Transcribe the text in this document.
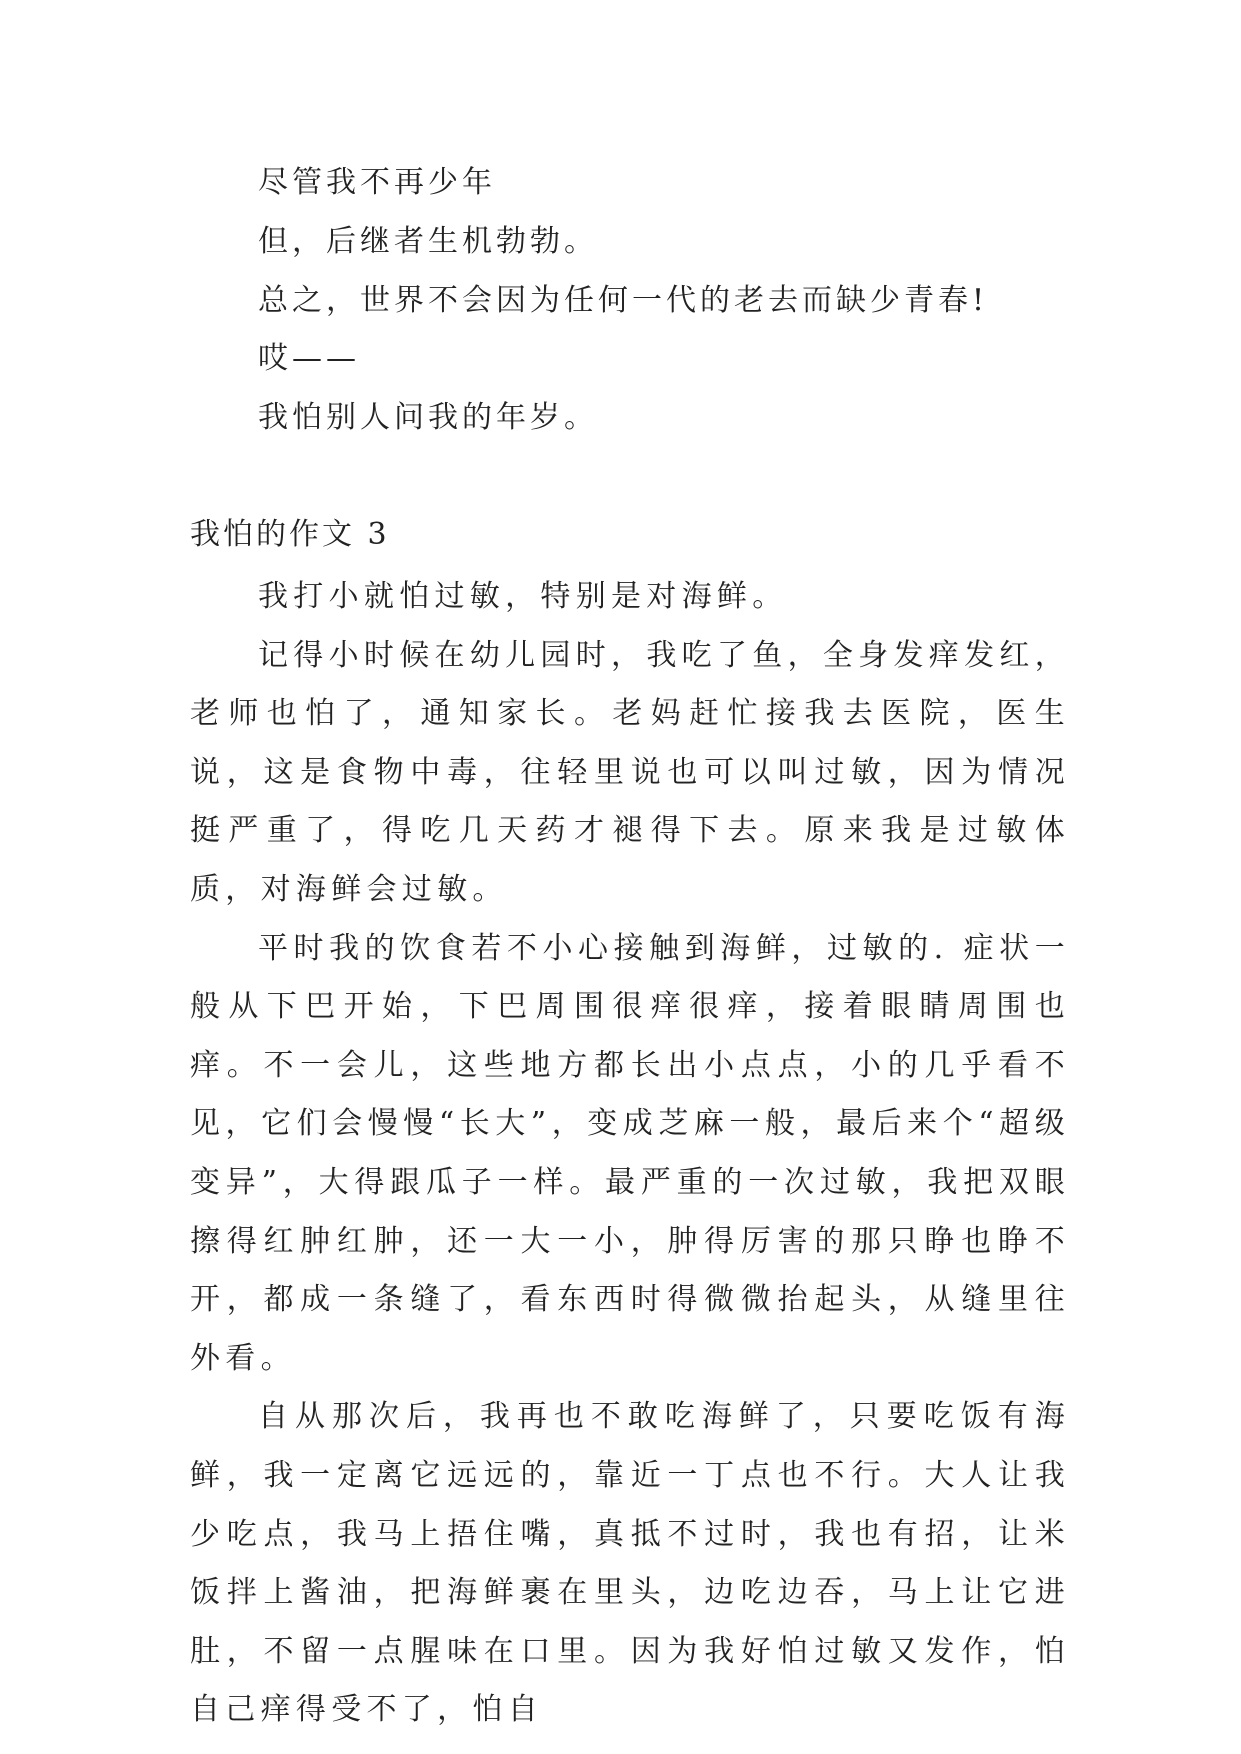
尽管我不再少年
但，后继者生机勃勃。
总之，世界不会因为任何一代的老去而缺少青春!
哎——
我怕别人问我的年岁。
我怕的作文 3

我打小就怕过敏，特别是对海鲜。

记得小时候在幼儿园时，我吃了鱼，全身发痒发红，老师也怕了，通知家长。老妈赶忙接我去医院，医生说，这是食物中毒，往轻里说也可以叫过敏，因为情况挺严重了，得吃几天药才褪得下去。原来我是过敏体质，对海鲜会过敏。

平时我的饮食若不小心接触到海鲜，过敏的. 症状一般从下巴开始，下巴周围很痒很痒，接着眼睛周围也痒。不一会儿，这些地方都长出小点点，小的几乎看不见，它们会慢慢“长大”，变成芝麻一般，最后来个“超级变异”，大得跟瓜子一样。最严重的一次过敏，我把双眼擦得红肿红肿，还一大一小，肿得厉害的那只睁也睁不开，都成一条缝了，看东西时得微微抬起头，从缝里往外看。

自从那次后，我再也不敢吃海鲜了，只要吃饭有海鲜，我一定离它远远的，靠近一丁点也不行。大人让我少吃点，我马上捂住嘴，真抵不过时，我也有招，让米饭拌上酱油，把海鲜裹在里头，边吃边吞，马上让它进肚，不留一点腥味在口里。因为我好怕过敏又发作，怕自己痒得受不了，怕自
